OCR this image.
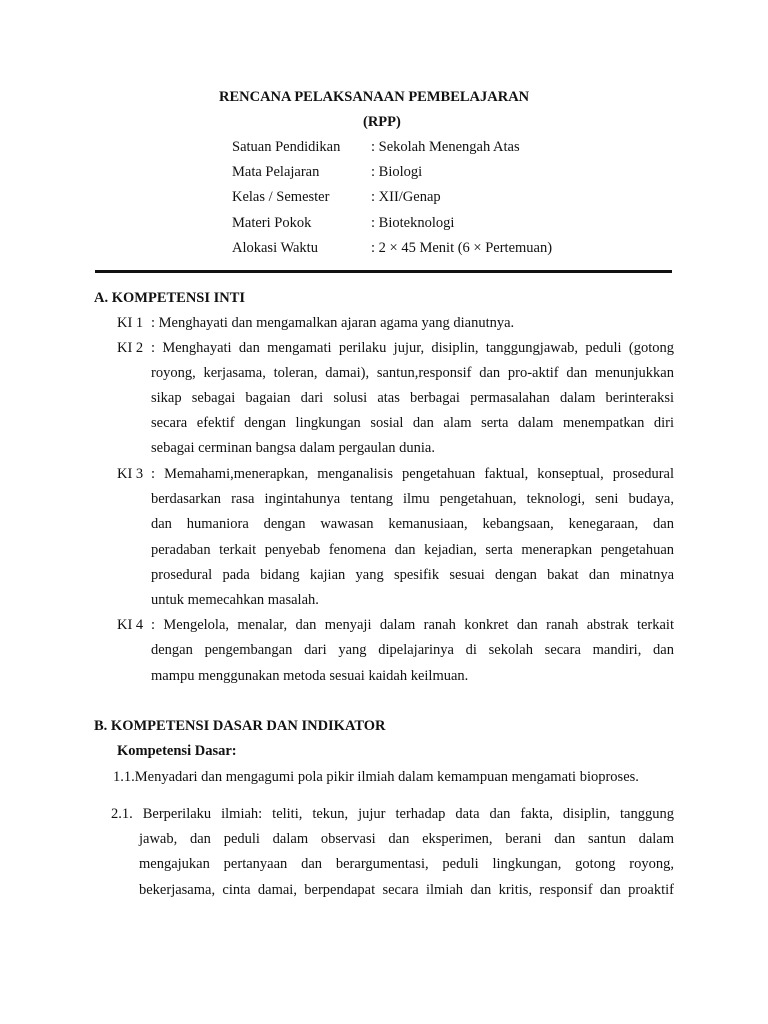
RENCANA PELAKSANAAN PEMBELAJARAN
(RPP)
Satuan Pendidikan : Sekolah Menengah Atas
Mata Pelajaran	: Biologi
Kelas / Semester	: XII/Genap
Materi Pokok	: Bioteknologi
Alokasi Waktu	: 2 × 45 Menit (6 × Pertemuan)
A. KOMPETENSI INTI
KI 1 : Menghayati dan mengamalkan ajaran agama yang dianutnya.
KI 2 : Menghayati dan mengamati perilaku jujur, disiplin, tanggungjawab, peduli (gotong
royong, kerjasama, toleran, damai), santun,responsif dan pro-aktif dan menunjukkan
sikap sebagai bagaian dari solusi atas berbagai permasalahan dalam berinteraksi
secara efektif dengan lingkungan sosial dan alam serta dalam menempatkan diri
sebagai cerminan bangsa dalam pergaulan dunia.
KI 3 : Memahami,menerapkan, menganalisis pengetahuan faktual, konseptual, prosedural
berdasarkan rasa ingintahunya tentang ilmu pengetahuan, teknologi, seni budaya,
dan humaniora dengan wawasan kemanusiaan, kebangsaan, kenegaraan, dan
peradaban terkait penyebab fenomena dan kejadian, serta menerapkan pengetahuan
prosedural pada bidang kajian yang spesifik sesuai dengan bakat dan minatnya
untuk memecahkan masalah.
KI 4 : Mengelola, menalar, dan menyaji dalam ranah konkret dan ranah abstrak terkait
dengan pengembangan dari yang dipelajarinya di sekolah secara mandiri, dan
mampu menggunakan metoda sesuai kaidah keilmuan.
B. KOMPETENSI DASAR DAN INDIKATOR
Kompetensi Dasar:
1.1.Menyadari dan mengagumi pola pikir ilmiah dalam kemampuan mengamati bioproses.
2.1. Berperilaku ilmiah: teliti, tekun, jujur terhadap data dan fakta, disiplin, tanggung
jawab, dan peduli dalam observasi dan eksperimen, berani dan santun dalam
mengajukan pertanyaan dan berargumentasi, peduli lingkungan, gotong royong,
bekerjasama, cinta damai, berpendapat secara ilmiah dan kritis, responsif dan proaktif
